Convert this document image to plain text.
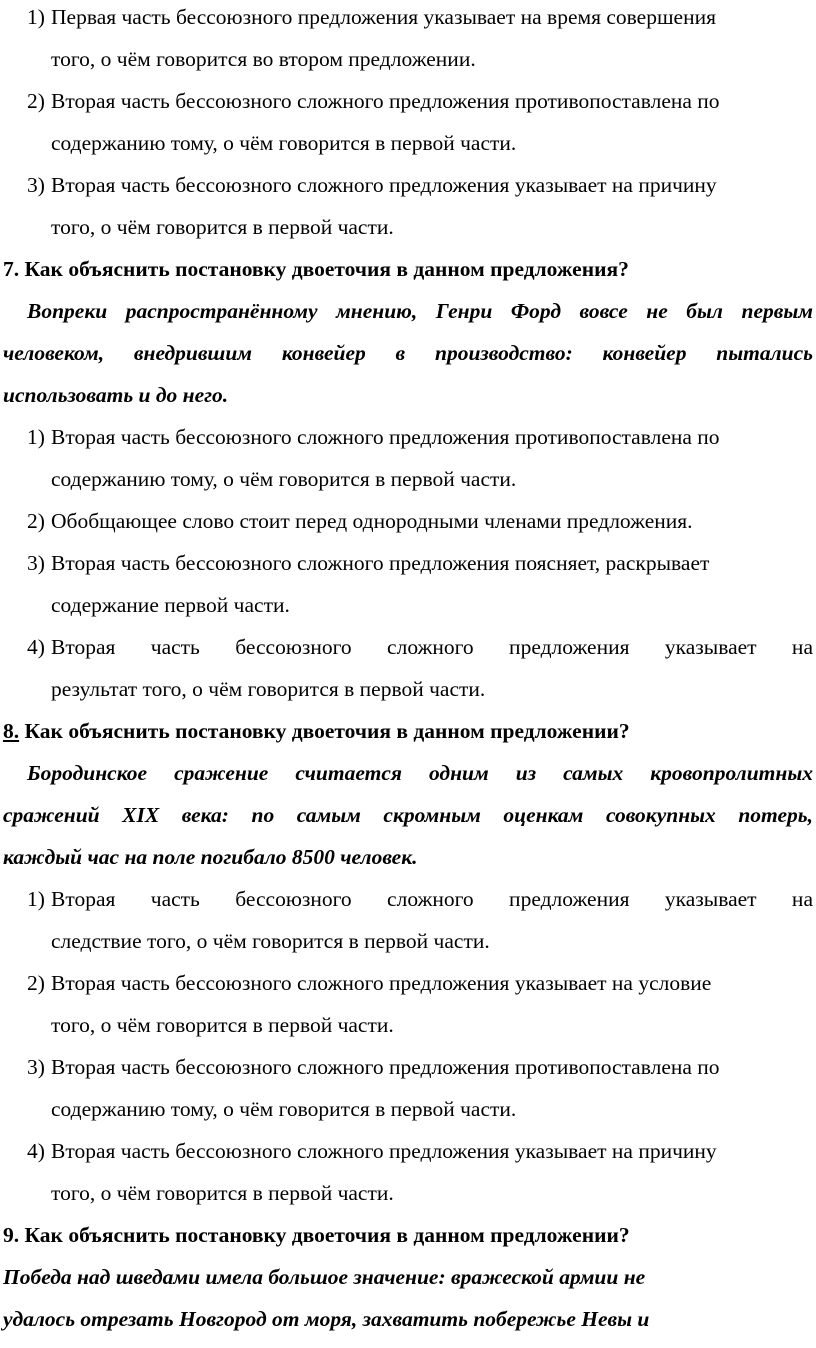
1) Первая часть бессоюзного предложения указывает на время совершения
того, о чём говорится во втором предложении.
2) Вторая часть бессоюзного сложного предложения противопоставлена по
содержанию тому, о чём говорится в первой части.
3) Вторая часть бессоюзного сложного предложения указывает на причину
того, о чём говорится в первой части.
7. Как объяснить постановку двоеточия в данном предложения?
Вопреки распространённому мнению, Генри Форд вовсе не был первым
человеком, внедрившим конвейер в производство: конвейер пытались
использовать и до него.
1) Вторая часть бессоюзного сложного предложения противопоставлена по
содержанию тому, о чём говорится в первой части.
2) Обобщающее слово стоит перед однородными членами предложения.
3) Вторая часть бессоюзного сложного предложения поясняет, раскрывает
содержание первой части.
4) Вторая часть бессоюзного сложного предложения указывает на
результат того, о чём говорится в первой части.
8. Как объяснить постановку двоеточия в данном предложении?
Бородинское сражение считается одним из самых кровопролитных
сражений XIX века: по самым скромным оценкам совокупных потерь,
каждый час на поле погибало 8500 человек.
1) Вторая часть бессоюзного сложного предложения указывает на
следствие того, о чём говорится в первой части.
2) Вторая часть бессоюзного сложного предложения указывает на условие
того, о чём говорится в первой части.
3) Вторая часть бессоюзного сложного предложения противопоставлена по
содержанию тому, о чём говорится в первой части.
4) Вторая часть бессоюзного сложного предложения указывает на причину
того, о чём говорится в первой части.
9. Как объяснить постановку двоеточия в данном предложении?
Победа над шведами имела большое значение: вражеской армии не
удалось отрезать Новгород от моря, захватить побережье Невы и
